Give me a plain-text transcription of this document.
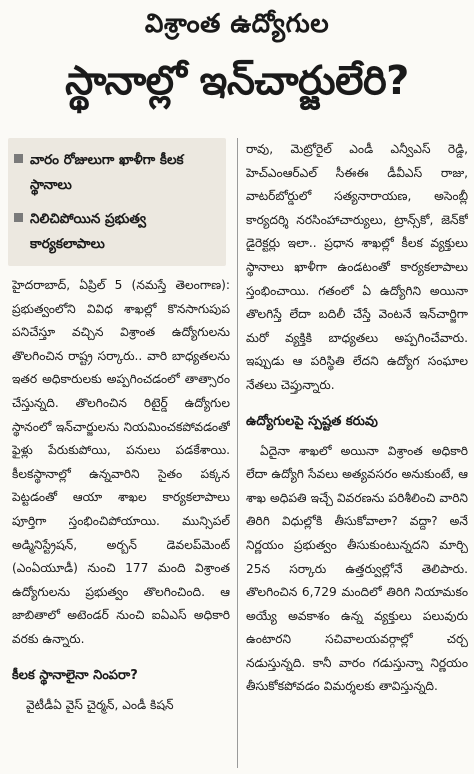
విశ్రాంత ఉద్యోగుల
స్థానాల్లో ఇన్‌చార్జులేరి?
వారం రోజులుగా ఖాళీగా కీలక స్థానాలు
నిలిచిపోయిన ప్రభుత్వ కార్యకలాపాలు

హైదరాబాద్‌, ఏప్రిల్‌ 5 (నమస్తే తెలంగాణ): ప్రభుత్వంలోని వివిధ శాఖల్లో కొనసాగుపుప పనిచేస్తూ వచ్చిన విశ్రాంత ఉద్యోగులను తొలగించిన రాష్ట్ర సర్కారు.. వారి బాధ్యతలను ఇతర అధికారులకు అప్పగించడంలో తాత్సారం చేస్తున్నది. తొలగించిన రిటైర్డ్‌ ఉద్యోగుల స్థానంలో ఇన్‌చార్జులను నియమించకపోవడంతో ఫైళ్లు పేరుకుపోయి, పనులు పడకేశాయి. కీలకస్థానాల్లో ఉన్నవారిని సైతం పక్కన పెట్టడంతో ఆయా శాఖల కార్యకలాపాలు పూర్తిగా స్తంభించిపోయాయి. మున్సిపల్‌ అడ్మినిస్ట్రేషన్‌, అర్బన్‌ డెవలప్‌మెంట్‌ (ఎంఏయూడీ) నుంచి 177 మంది విశ్రాంత ఉద్యోగులను ప్రభుత్వం తొలగించింది. ఆ జాబితాలో అటెండర్‌ నుంచి ఐఏఎస్‌ అధికారి వరకు ఉన్నారు.

కీలక స్థానాలైనా నింపరా?

వైటీడీఏ వైస్‌ చైర్మన్‌, ఎండీ కిషన్‌

రావు, మెట్రోరైల్‌ ఎండీ ఎన్వీఎస్‌ రెడ్డి, హెచ్‌ఎంఆర్‌ఎల్‌ సీఈఈ డీవీఎస్‌ రాజు, వాటర్‌బోర్డులో సత్యనారాయణ, అసెంబ్లీ కార్యదర్శి నరసింహాచార్యులు, ట్రాన్స్‌కో, జెన్‌కో డైరెక్టర్లు ఇలా.. ప్రధాన శాఖల్లో కీలక వ్యక్తులు స్థానాలు ఖాళీగా ఉండటంతో కార్యకలాపాలు స్తంభించాయి. గతంలో ఏ ఉద్యోగిని అయినా తొలగిస్తే లేదా బదిలీ చేస్తే వెంటనే ఇన్‌చార్జిగా మరో వ్యక్తికి బాధ్యతలు అప్పగించేవారు. ఇప్పుడు ఆ పరిస్థితి లేదని ఉద్యోగ సంఘాల నేతలు చెప్తున్నారు.

ఉద్యోగులపై స్పష్టత కరువు

ఏదైనా శాఖలో అయినా విశ్రాంత అధికారి లేదా ఉద్యోగి సేవలు అత్యవసరం అనుకుంటే, ఆ శాఖ అధిపతి ఇచ్చే వివరణను పరిశీలించి వారిని తిరిగి విధుల్లోకి తీసుకోవాలా? వద్దా? అనే నిర్ణయం ప్రభుత్వం తీసుకుంటున్నదని మార్చి 25న సర్కారు ఉత్తర్వుల్లోనే తెలిపారు. తొలగించిన 6,729 మందిలో తిరిగి నియామకం అయ్యే అవకాశం ఉన్న వ్యక్తులు పలువురు ఉంటారని సచివాలయవర్గాల్లో చర్చ నడుస్తున్నది. కానీ వారం గడుస్తున్నా నిర్ణయం తీసుకోకపోవడం విమర్శలకు తావిస్తున్నది.
